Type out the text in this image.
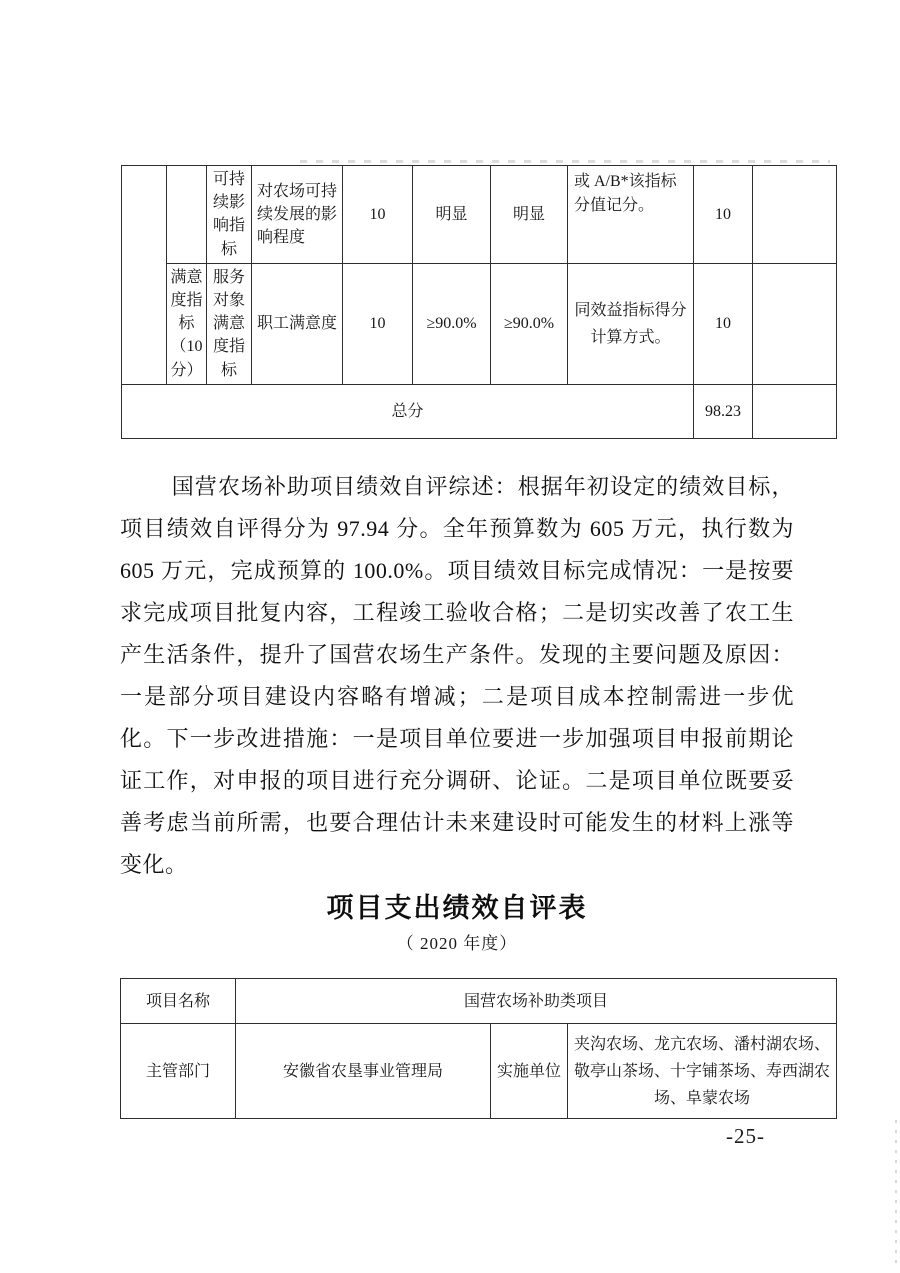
		可持续影响指标	对农场可持续发展的影响程度	10	明显	明显	或 A/B*该指标分值记分。	10	
	满意度指标（10分）	服务对象满意度指标	职工满意度	10	≥90.0%	≥90.0%	同效益指标得分计算方式。	10	
总分								98.23	
国营农场补助项目绩效自评综述：根据年初设定的绩效目标，项目绩效自评得分为 97.94 分。全年预算数为 605 万元，执行数为 605 万元，完成预算的 100.0%。项目绩效目标完成情况：一是按要求完成项目批复内容，工程竣工验收合格；二是切实改善了农工生产生活条件，提升了国营农场生产条件。发现的主要问题及原因：一是部分项目建设内容略有增减；二是项目成本控制需进一步优化。下一步改进措施：一是项目单位要进一步加强项目申报前期论证工作，对申报的项目进行充分调研、论证。二是项目单位既要妥善考虑当前所需，也要合理估计未来建设时可能发生的材料上涨等变化。
项目支出绩效自评表
（ 2020 年度）
项目名称	国营农场补助类项目		
主管部门	安徽省农垦事业管理局	实施单位	夹沟农场、龙亢农场、潘村湖农场、敬亭山茶场、十字铺茶场、寿西湖农场、阜蒙农场
-25-
